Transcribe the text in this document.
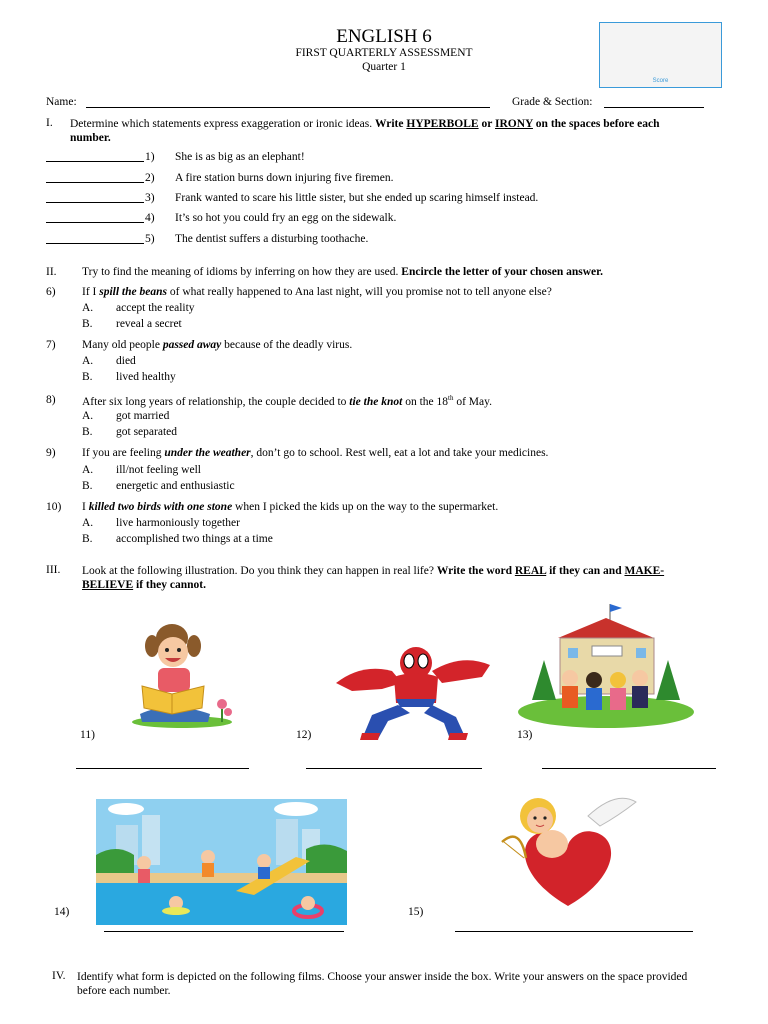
ENGLISH 6
FIRST QUARTERLY ASSESSMENT
Quarter 1
Score
Name:	Grade & Section:
I. Determine which statements express exaggeration or ironic ideas. Write HYPERBOLE or IRONY on the spaces before each
number.
1) She is as big as an elephant!
2) A fire station burns down injuring five firemen.
3) Frank wanted to scare his little sister, but she ended up scaring himself instead.
4) It’s so hot you could fry an egg on the sidewalk.
5) The dentist suffers a disturbing toothache.
II. Try to find the meaning of idioms by inferring on how they are used. Encircle the letter of your chosen answer.
6) If I spill the beans of what really happened to Ana last night, will you promise not to tell anyone else?
A. accept the reality
B. reveal a secret
7) Many old people passed away because of the deadly virus.
A. died
B. lived healthy
8) After six long years of relationship, the couple decided to tie the knot on the 18th of May.
A. got married
B. got separated
9) If you are feeling under the weather, don’t go to school. Rest well, eat a lot and take your medicines.
A. ill/not feeling well
B. energetic and enthusiastic
10) I killed two birds with one stone when I picked the kids up on the way to the supermarket.
A. live harmoniously together
B. accomplished two things at a time
III. Look at the following illustration. Do you think they can happen in real life? Write the word REAL if they can and MAKE-
BELIEVE if they cannot.
11)	12)	13)
14)	15)
IV. Identify what form is depicted on the following films. Choose your answer inside the box. Write your answers on the space provided
before each number.
